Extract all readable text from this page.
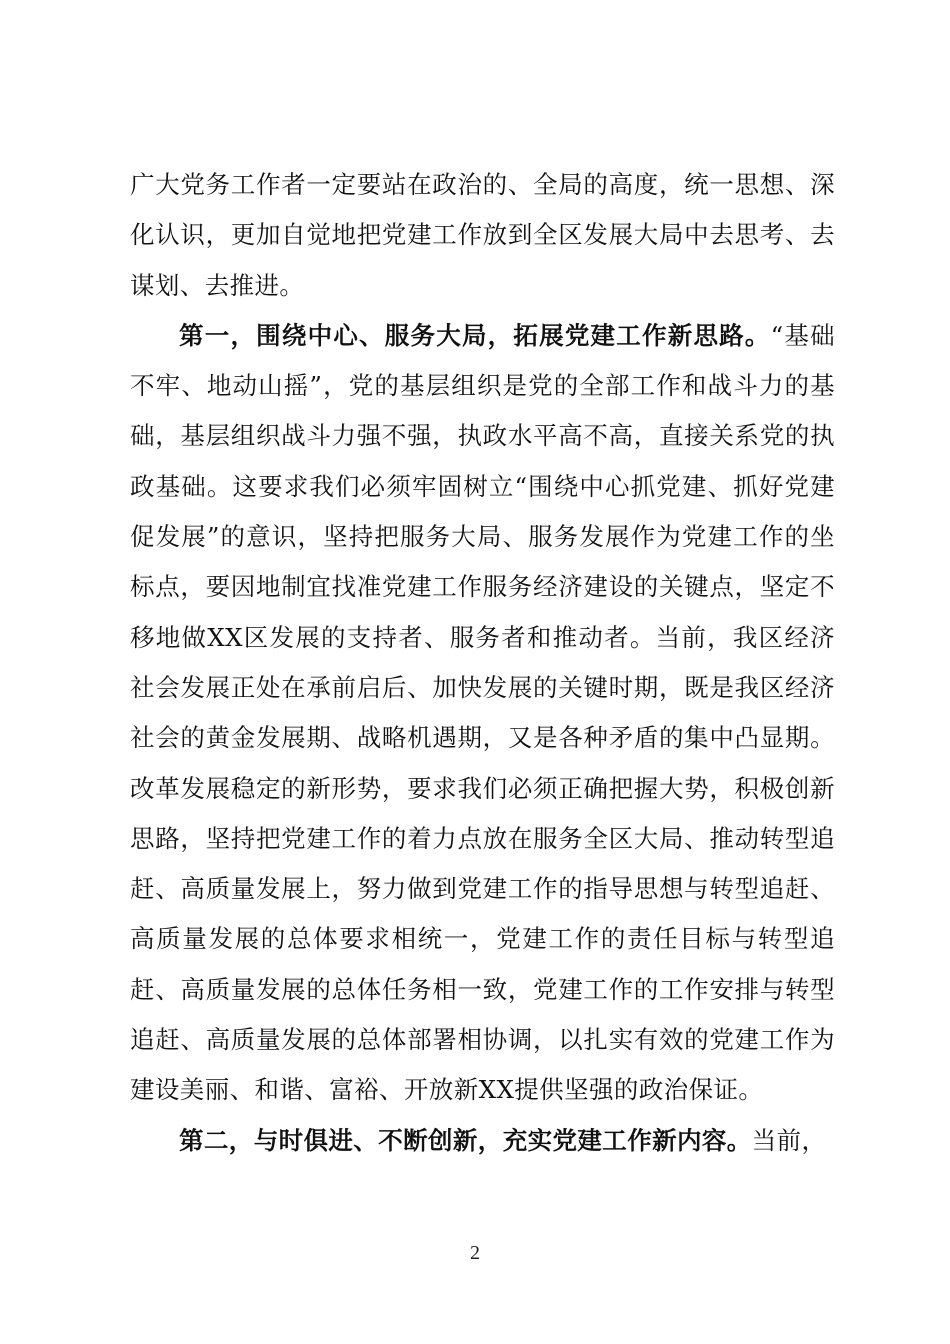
广大党务工作者一定要站在政治的、全局的高度，统一思想、深化认识，更加自觉地把党建工作放到全区发展大局中去思考、去谋划、去推进。

第一，围绕中心、服务大局，拓展党建工作新思路。“基础不牢、地动山摇”，党的基层组织是党的全部工作和战斗力的基础，基层组织战斗力强不强，执政水平高不高，直接关系党的执政基础。这要求我们必须牢固树立“围绕中心抓党建、抓好党建促发展”的意识，坚持把服务大局、服务发展作为党建工作的坐标点，要因地制宜找准党建工作服务经济建设的关键点，坚定不移地做XX区发展的支持者、服务者和推动者。当前，我区经济社会发展正处在承前启后、加快发展的关键时期，既是我区经济社会的黄金发展期、战略机遇期，又是各种矛盾的集中凸显期。改革发展稳定的新形势，要求我们必须正确把握大势，积极创新思路，坚持把党建工作的着力点放在服务全区大局、推动转型追赶、高质量发展上，努力做到党建工作的指导思想与转型追赶、高质量发展的总体要求相统一，党建工作的责任目标与转型追赶、高质量发展的总体任务相一致，党建工作的工作安排与转型追赶、高质量发展的总体部署相协调，以扎实有效的党建工作为建设美丽、和谐、富裕、开放新XX提供坚强的政治保证。

第二，与时俱进、不断创新，充实党建工作新内容。当前，

2
